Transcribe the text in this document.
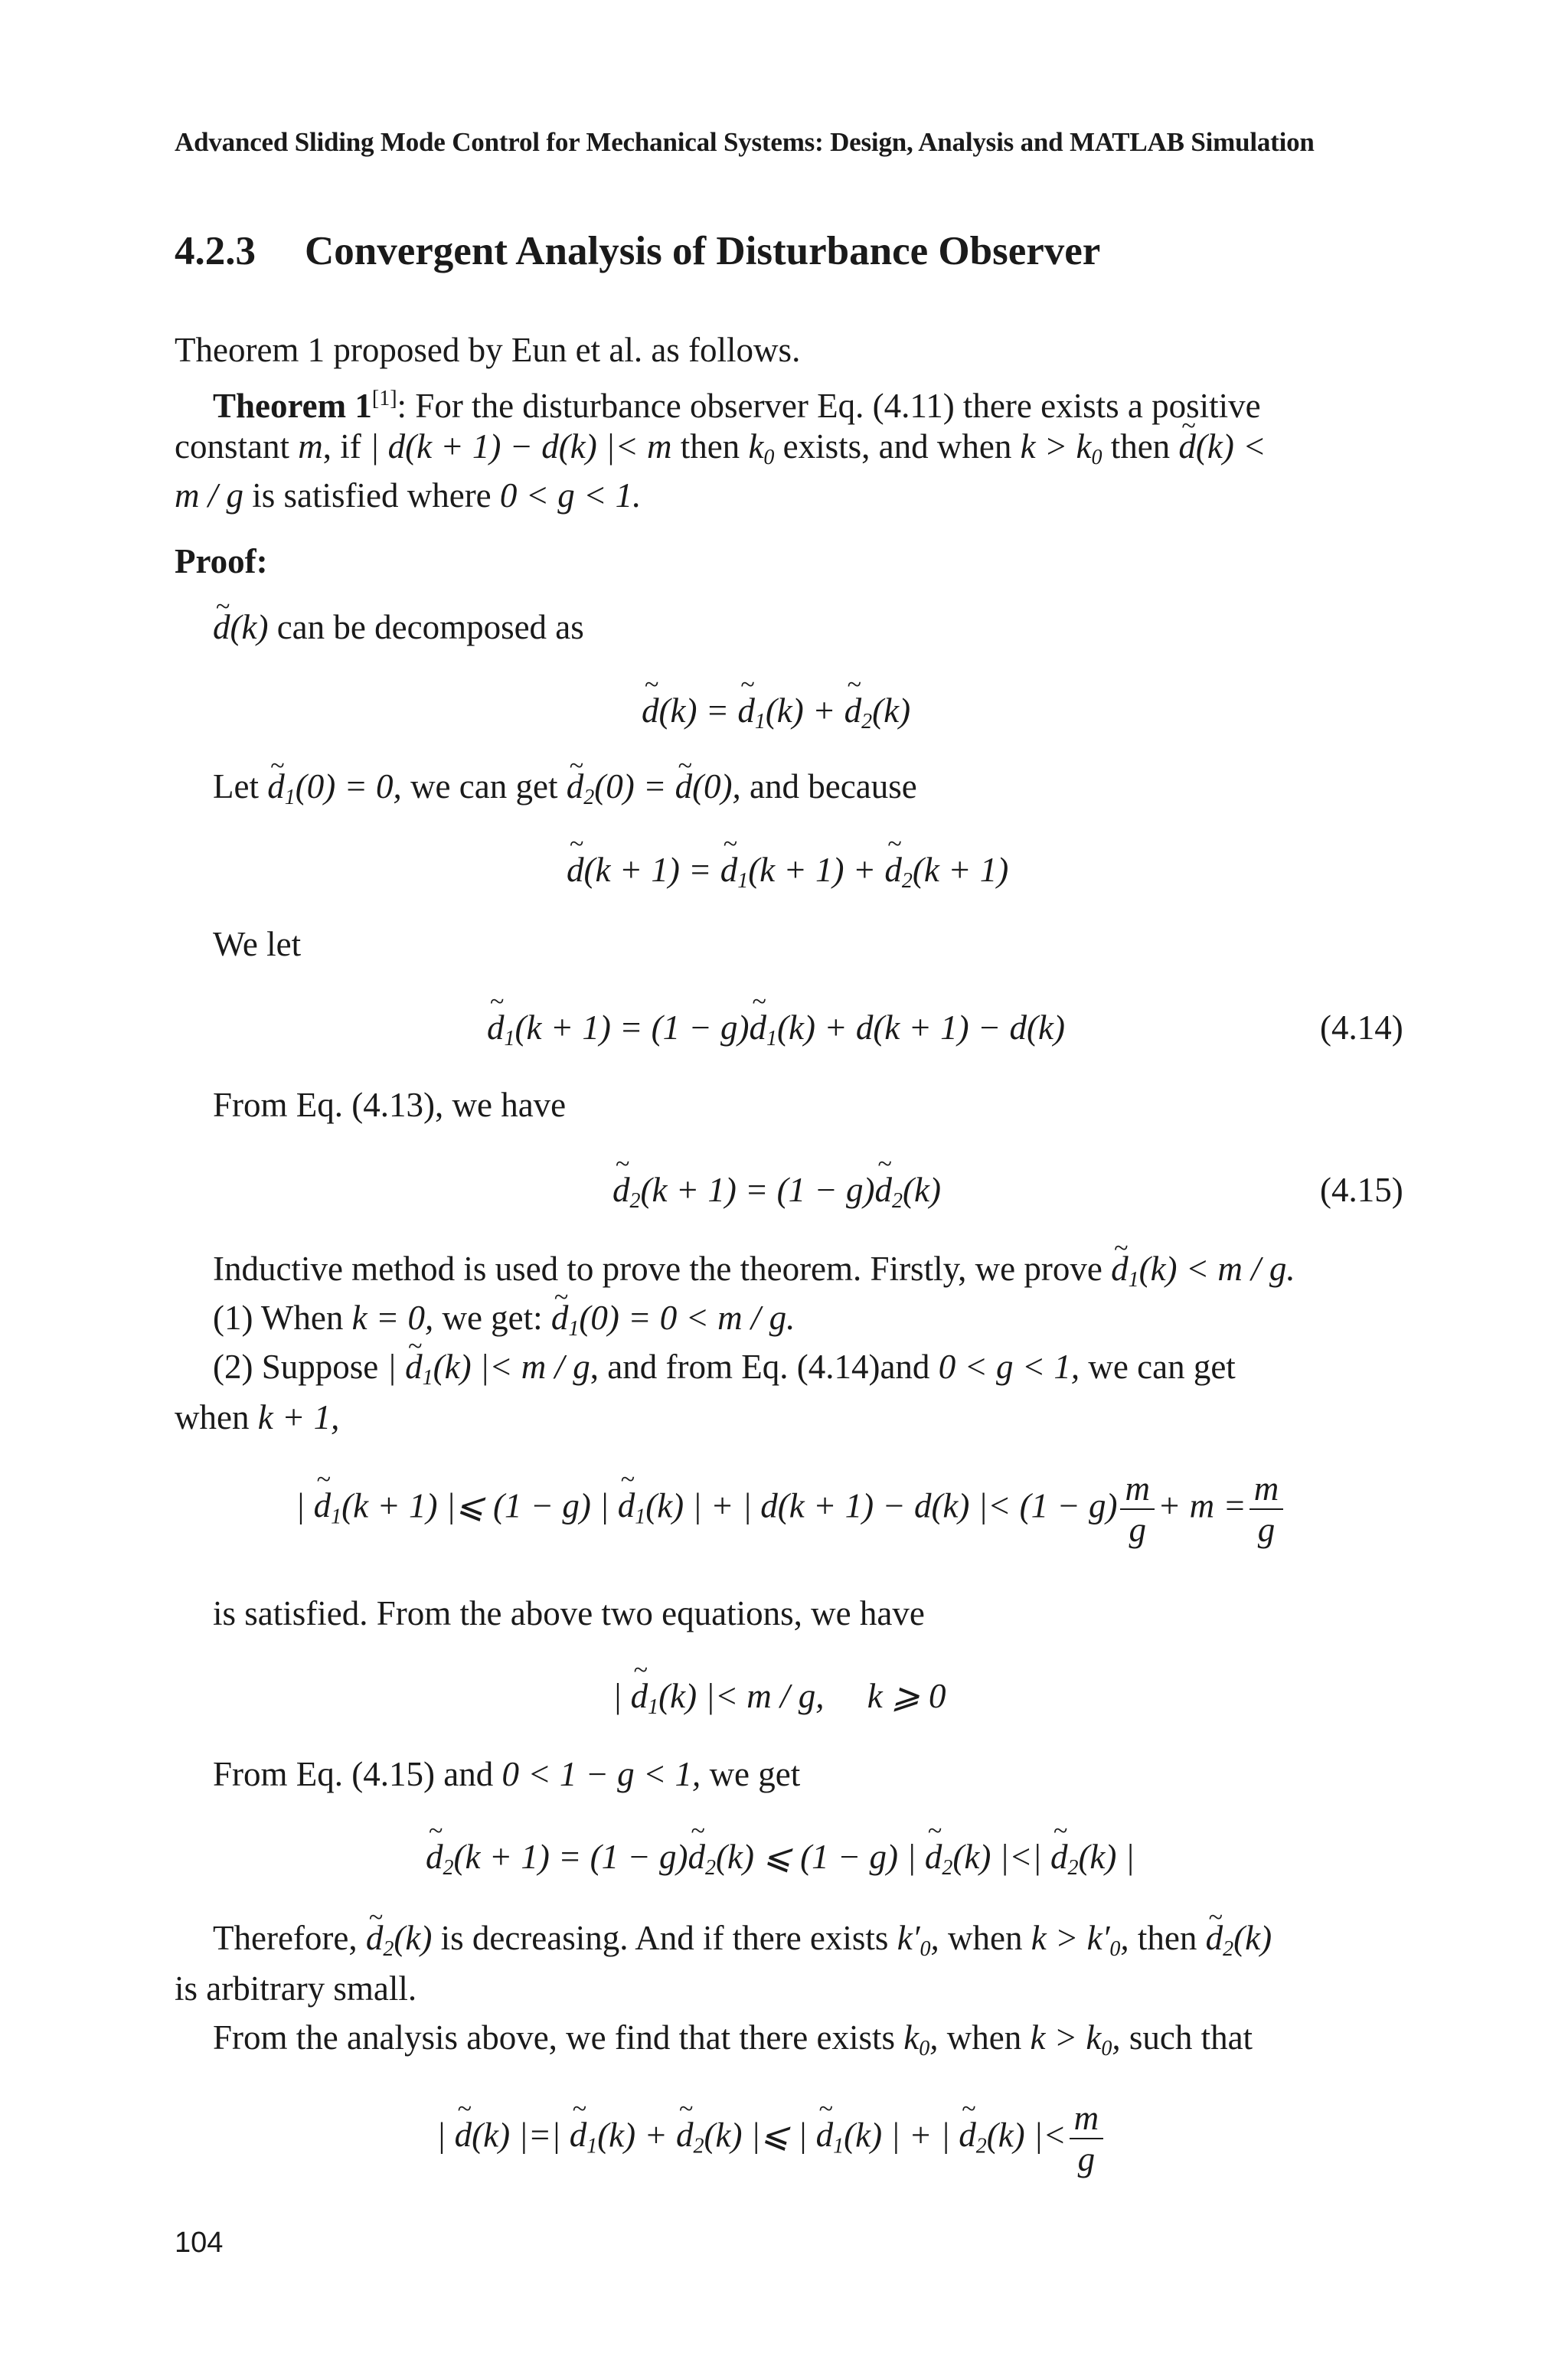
Advanced Sliding Mode Control for Mechanical Systems: Design, Analysis and MATLAB Simulation
4.2.3 Convergent Analysis of Disturbance Observer
Theorem 1 proposed by Eun et al. as follows.
Theorem 1[1]: For the disturbance observer Eq. (4.11) there exists a positive
constant m, if | d(k + 1) − d(k) |< m then $k_0$ exists, and when $k > k_0$ then ~ d(k) <
m / g is satisfied where 0 < g < 1.
Proof:
~ d(k) can be decomposed as
~ d(k) = ~ $d_1(k)$ + ~ $d_2(k)$
Let ~ $d_1(0) = 0$, we can get ~ $d_2(0)$ = ~ d(0), and because
~ d(k + 1) = ~ $d_1(k + 1)$ + ~ $d_2(k + 1)$
We let
~ $d_1(k + 1) = (1$ − g)~ $d_1(k) + d(k + 1) - d(k)$	(4.14)
From Eq. (4.13), we have
~ $d_2(k + 1) = (1$ − g)~ $d_2(k)$	(4.15)
Inductive method is used to prove the theorem. Firstly, we prove ~ $d_1(k) < m / g$.
(1) When k = 0, we get: ~ $d_1(0) = 0 < m / g$.
(2) Suppose | ~ $d_1(k)$ |< m / g, and from Eq. (4.14)and 0 < g < 1, we can get
when k + 1,
| ~ $d_1(k + 1)$ |⩽ (1 − g) | ~ $d_1(k)$ | + | d(k + 1) − d(k) |< $(1 - g) \frac{m}{g} + m = \frac{m}{g}$
is satisfied. From the above two equations, we have
| ~ $d_1(k)$ |< m / g,     k ⩾ 0
From Eq. (4.15) and 0 < 1 − g < 1, we get
~ $d_2(k + 1) = (1$ − g)~ $d_2(k)$ ⩽ (1 − g) | ~ $d_2(k)$ |<| ~ $d_2(k)$ |
Therefore, ~ $d_2(k)$ is decreasing. And if there exists $k'_0$, when $k > k'_0$, then ~ $d_2(k)$
is arbitrary small.
From the analysis above, we find that there exists $k_0$, when $k > k_0$, such that
| ~ d(k) |=| ~ $d_1(k)$ + ~ $d_2(k)$ |⩽ | ~ $d_1(k)$ | + | ~ $d_2(k)$ |< $\frac{m}{g}$
104
